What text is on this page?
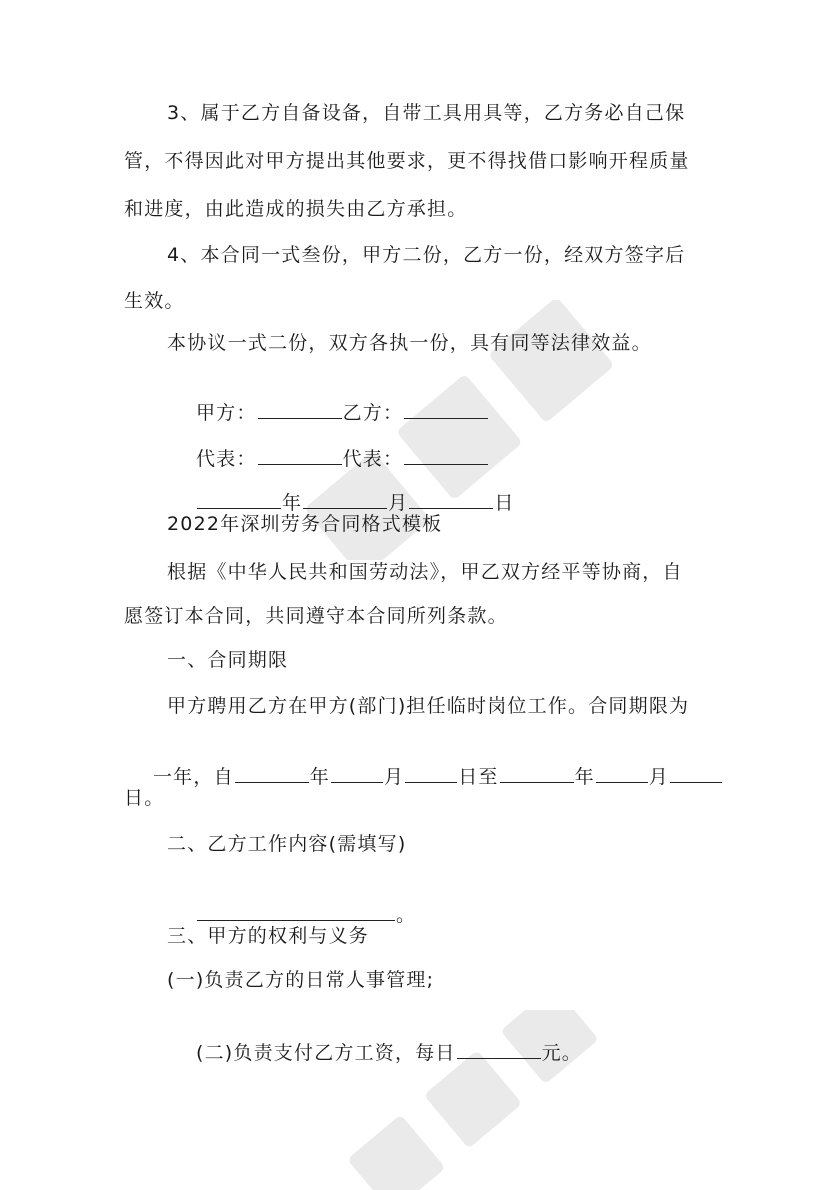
3、属于乙方自备设备，自带工具用具等，乙方务必自己保
管，不得因此对甲方提出其他要求，更不得找借口影响开程质量
和进度，由此造成的损失由乙方承担。
4、本合同一式叁份，甲方二份，乙方一份，经双方签字后
生效。
本协议一式二份，双方各执一份，具有同等法律效益。

甲方：	乙方：

代表：	代表：

年	月	日

2022年深圳劳务合同格式模板
根据《中华人民共和国劳动法》，甲乙双方经平等协商，自
愿签订本合同，共同遵守本合同所列条款。
一、合同期限
甲方聘用乙方在甲方(部门)担任临时岗位工作。合同期限为

一年，自	年	月	日至	年	月

日。
二、乙方工作内容(需填写)

。

三、甲方的权利与义务
(一)负责乙方的日常人事管理;

(二)负责支付乙方工资，每日	元。
